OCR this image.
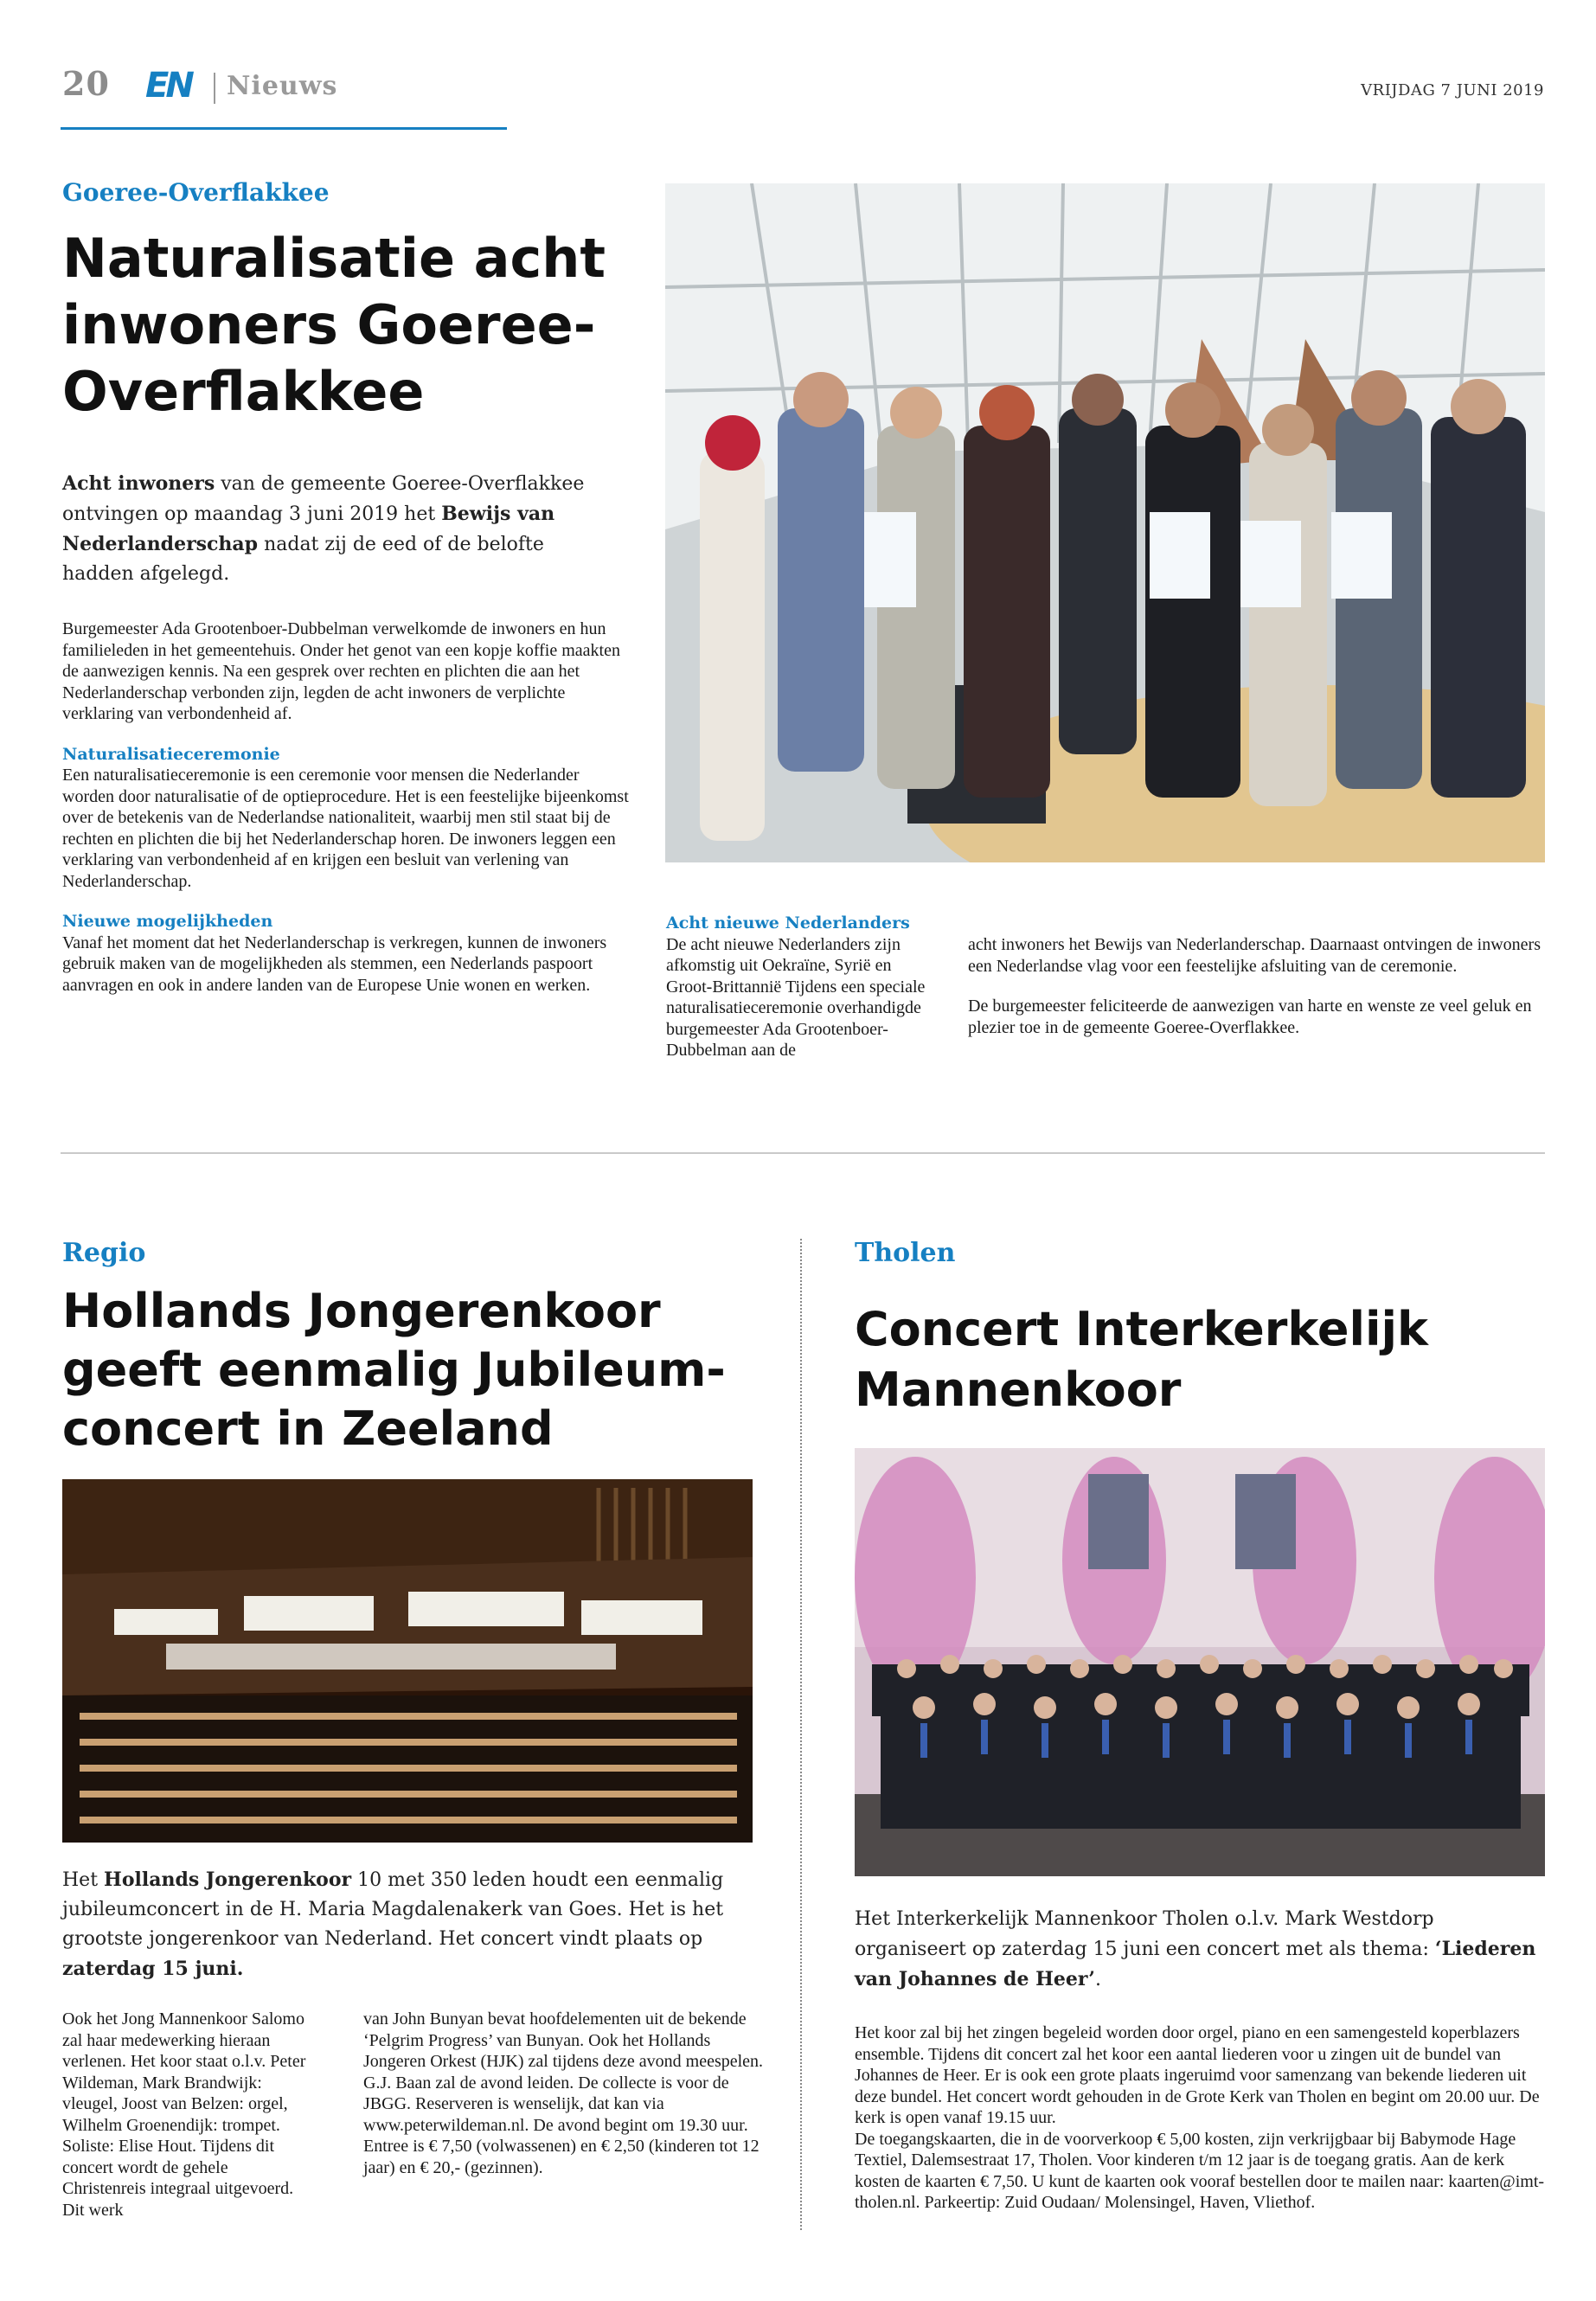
20 EN Nieuws	VRIJDAG 7 JUNI 2019
Goeree-Overflakkee
Naturalisatie acht
inwoners Goeree-
Overflakkee
Acht inwoners van de gemeente Goeree-Overflakkee ontvingen op maandag 3 juni 2019 het Bewijs van Nederlanderschap nadat zij de eed of de belofte hadden afgelegd.
Burgemeester Ada Grootenboer-Dubbelman verwelkomde de inwoners en hun familieleden in het gemeentehuis. Onder het genot van een kopje koffie maakten de aanwezigen kennis. Na een gesprek over rechten en plichten die aan het Nederlanderschap verbonden zijn, legden de acht inwoners de verplichte verklaring van verbondenheid af.
Naturalisatieceremonie
Een naturalisatieceremonie is een ceremonie voor mensen die Nederlander worden door naturalisatie of de optieprocedure. Het is een feestelijke bijeenkomst over de betekenis van de Nederlandse nationaliteit, waarbij men stil staat bij de rechten en plichten die bij het Nederlanderschap horen. De inwoners leggen een verklaring van verbondenheid af en krijgen een besluit van verlening van Nederlanderschap.
Nieuwe mogelijkheden
Vanaf het moment dat het Nederlanderschap is verkregen, kunnen de inwoners gebruik maken van de mogelijkheden als stemmen, een Nederlands paspoort aanvragen en ook in andere landen van de Europese Unie wonen en werken.
Acht nieuwe Nederlanders
De acht nieuwe Nederlanders zijn afkomstig uit Oekraïne, Syrië en Groot-Brittannië Tijdens een speciale naturalisatieceremonie overhandigde burgemeester Ada Grootenboer-Dubbelman aan de
acht inwoners het Bewijs van Nederlanderschap. Daarnaast ontvingen de inwoners een Nederlandse vlag voor een feestelijke afsluiting van de ceremonie.
De burgemeester feliciteerde de aanwezigen van harte en wenste ze veel geluk en plezier toe in de gemeente Goeree-Overflakkee.
Regio
Hollands Jongerenkoor
geeft eenmalig Jubileum-
concert in Zeeland
Het Hollands Jongerenkoor 10 met 350 leden houdt een eenmalig jubileumconcert in de H. Maria Magdalenakerk van Goes. Het is het grootste jongerenkoor van Nederland. Het concert vindt plaats op zaterdag 15 juni.
Ook het Jong Mannenkoor Salomo zal haar medewerking hieraan verlenen. Het koor staat o.l.v. Peter Wildeman, Mark Brandwijk: vleugel, Joost van Belzen: orgel, Wilhelm Groenendijk: trompet. Soliste: Elise Hout. Tijdens dit concert wordt de gehele Christenreis integraal uitgevoerd. Dit werk
van John Bunyan bevat hoofdelementen uit de bekende ‘Pelgrim Progress’ van Bunyan. Ook het Hollands Jongeren Orkest (HJK) zal tijdens deze avond meespelen. G.J. Baan zal de avond leiden. De collecte is voor de JBGG. Reserveren is wenselijk, dat kan via www.peterwildeman.nl. De avond begint om 19.30 uur.
Entree is € 7,50 (volwassenen) en € 2,50 (kinderen tot 12 jaar) en € 20,- (gezinnen).
Tholen
Concert Interkerkelijk
Mannenkoor
Het Interkerkelijk Mannenkoor Tholen o.l.v. Mark Westdorp organiseert op zaterdag 15 juni een concert met als thema: ‘Liederen van Johannes de Heer’.
Het koor zal bij het zingen begeleid worden door orgel, piano en een samengesteld koperblazers ensemble. Tijdens dit concert zal het koor een aantal liederen voor u zingen uit de bundel van Johannes de Heer. Er is ook een grote plaats ingeruimd voor samenzang van bekende liederen uit deze bundel. Het concert wordt gehouden in de Grote Kerk van Tholen en begint om 20.00 uur. De kerk is open vanaf 19.15 uur.
De toegangskaarten, die in de voorverkoop € 5,00 kosten, zijn verkrijgbaar bij Babymode Hage Textiel, Dalemsestraat 17, Tholen. Voor kinderen t/m 12 jaar is de toegang gratis. Aan de kerk kosten de kaarten € 7,50. U kunt de kaarten ook vooraf bestellen door te mailen naar: kaarten@imt-tholen.nl. Parkeertip: Zuid Oudaan/ Molensingel, Haven, Vliethof.
